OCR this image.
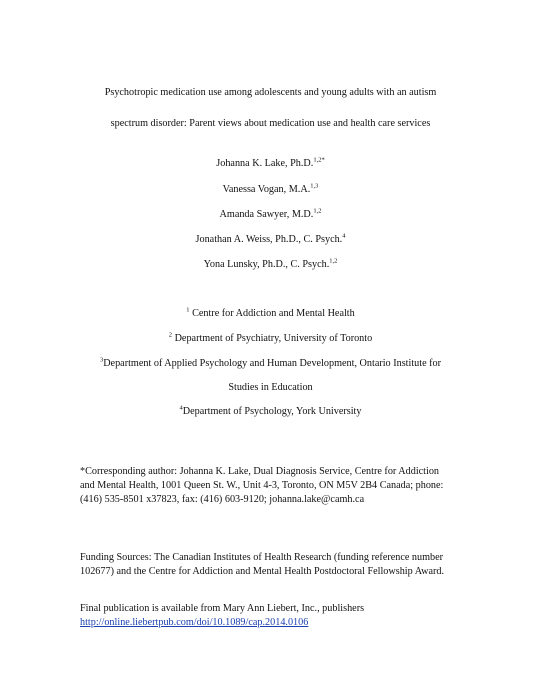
Psychotropic medication use among adolescents and young adults with an autism
spectrum disorder: Parent views about medication use and health care services
Johanna K. Lake, Ph.D.$^{1,2*}$
Vanessa Vogan, M.A.$^{1,3}$
Amanda Sawyer, M.D.$^{1,2}$
Jonathan A. Weiss, Ph.D., C. Psych.$^4$
Yona Lunsky, Ph.D., C. Psych.$^{1,2}$
$^1$ Centre for Addiction and Mental Health
$^2$ Department of Psychiatry, University of Toronto
$^3$Department of Applied Psychology and Human Development, Ontario Institute for
Studies in Education
$^4$Department of Psychology, York University
*Corresponding author: Johanna K. Lake, Dual Diagnosis Service, Centre for Addiction
and Mental Health, 1001 Queen St. W., Unit 4-3, Toronto, ON M5V 2B4 Canada; phone:
(416) 535-8501 x37823, fax: (416) 603-9120; johanna.lake@camh.ca
Funding Sources: The Canadian Institutes of Health Research (funding reference number
102677) and the Centre for Addiction and Mental Health Postdoctoral Fellowship Award.
Final publication is available from Mary Ann Liebert, Inc., publishers
http://online.liebertpub.com/doi/10.1089/cap.2014.0106
